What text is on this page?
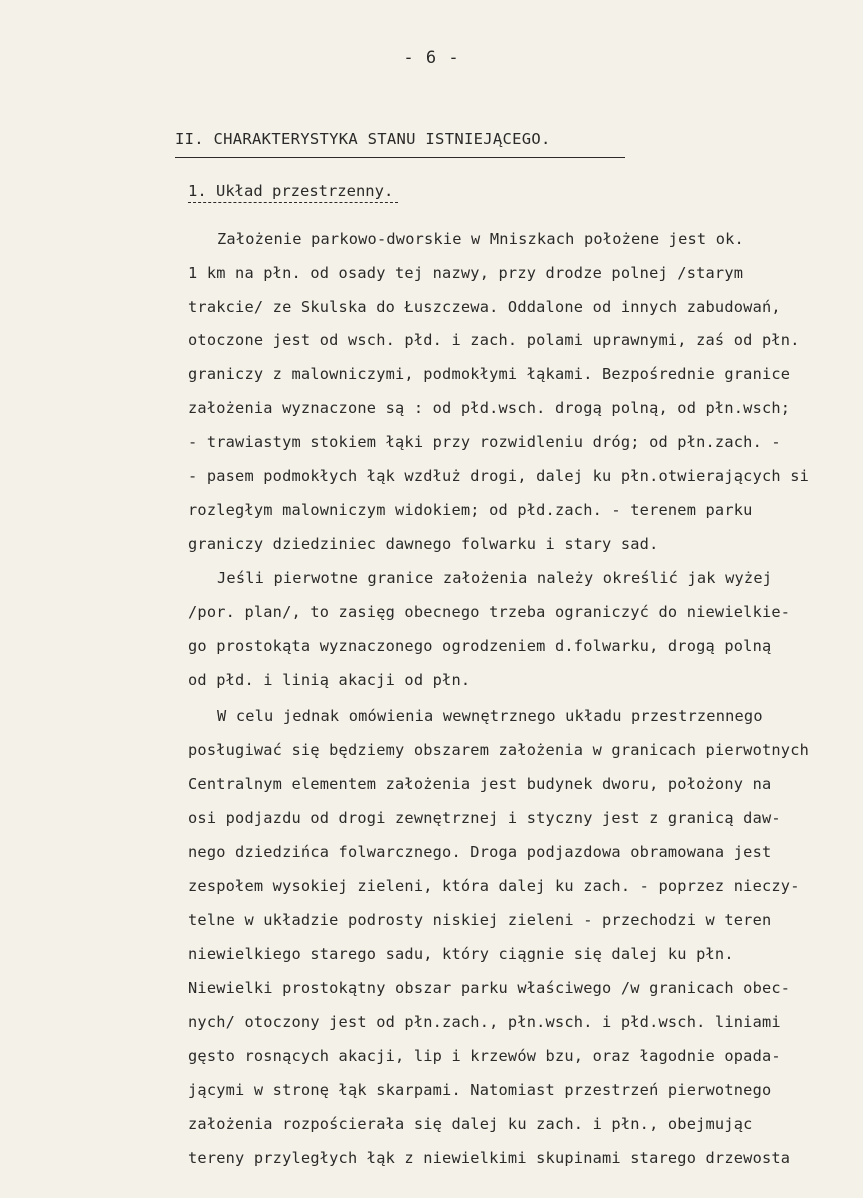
- 6 -
II. CHARAKTERYSTYKA STANU ISTNIEJĄCEGO.
1. Układ przestrzenny.
Założenie parkowo-dworskie w Mniszkach położene jest ok.
1 km na płn. od osady tej nazwy, przy drodze polnej /starym
trakcie/ ze Skulska do Łuszczewa. Oddalone od innych zabudowań,
otoczone jest od wsch. płd. i zach. polami uprawnymi, zaś od płn.
graniczy z malowniczymi, podmokłymi łąkami. Bezpośrednie granice
założenia wyznaczone są : od płd.wsch. drogą polną, od płn.wsch;
- trawiastym stokiem łąki przy rozwidleniu dróg; od płn.zach. -
- pasem podmokłych łąk wzdłuż drogi, dalej ku płn.otwierających si
rozległym malowniczym widokiem; od płd.zach. - terenem parku
graniczy dziedziniec dawnego folwarku i stary sad.
Jeśli pierwotne granice założenia należy określić jak wyżej
/por. plan/, to zasięg obecnego trzeba ograniczyć do niewielkie-
go prostokąta wyznaczonego ogrodzeniem d.folwarku, drogą polną
od płd. i linią akacji od płn.
W celu jednak omówienia wewnętrznego układu przestrzennego
posługiwać się będziemy obszarem założenia w granicach pierwotnych
Centralnym elementem założenia jest budynek dworu, położony na
osi podjazdu od drogi zewnętrznej i styczny jest z granicą daw-
nego dziedzińca folwarcznego. Droga podjazdowa obramowana jest
zespołem wysokiej zieleni, która dalej ku zach. - poprzez nieczy-
telne w układzie podrosty niskiej zieleni - przechodzi w teren
niewielkiego starego sadu, który ciągnie się dalej ku płn.
Niewielki prostokątny obszar parku właściwego /w granicach obec-
nych/ otoczony jest od płn.zach., płn.wsch. i płd.wsch. liniami
gęsto rosnących akacji, lip i krzewów bzu, oraz łagodnie opada-
jącymi w stronę łąk skarpami. Natomiast przestrzeń pierwotnego
założenia rozpościerała się dalej ku zach. i płn., obejmując
tereny przyległych łąk z niewielkimi skupinami starego drzewosta
